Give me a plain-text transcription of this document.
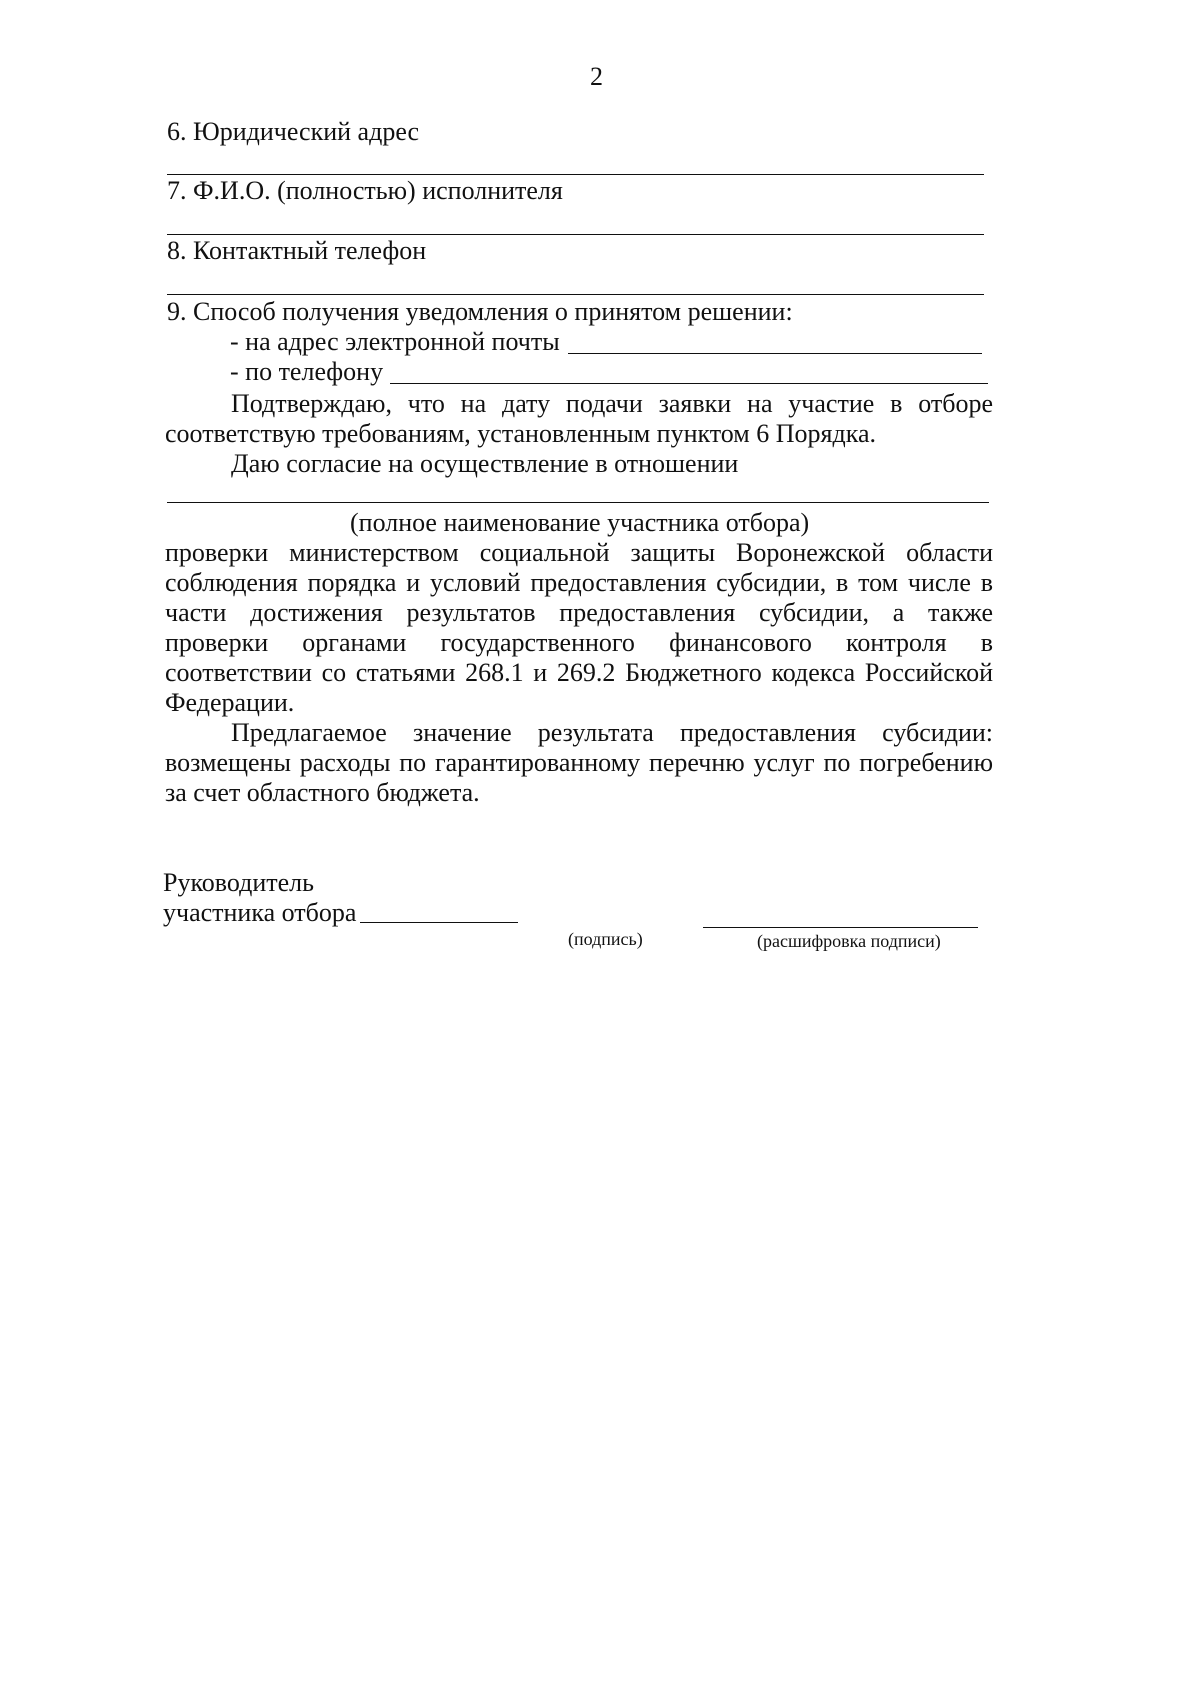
2
6. Юридический адрес
7. Ф.И.О. (полностью) исполнителя
8. Контактный телефон
9. Способ получения уведомления о принятом решении:
- на адрес электронной почты
- по телефону
Подтверждаю, что на дату подачи заявки на участие в отборе
соответствую требованиям, установленным пунктом 6 Порядка.
Даю согласие на осуществление в отношении
(полное наименование участника отбора)
проверки министерством социальной защиты Воронежской области
соблюдения порядка и условий предоставления субсидии, в том числе в
части достижения результатов предоставления субсидии, а также
проверки органами государственного финансового контроля в
соответствии со статьями 268.1 и 269.2 Бюджетного кодекса Российской
Федерации.
Предлагаемое значение результата предоставления субсидии:
возмещены расходы по гарантированному перечню услуг по погребению
за счет областного бюджета.
Руководитель
участника отбора
(подпись)	(расшифровка подписи)
